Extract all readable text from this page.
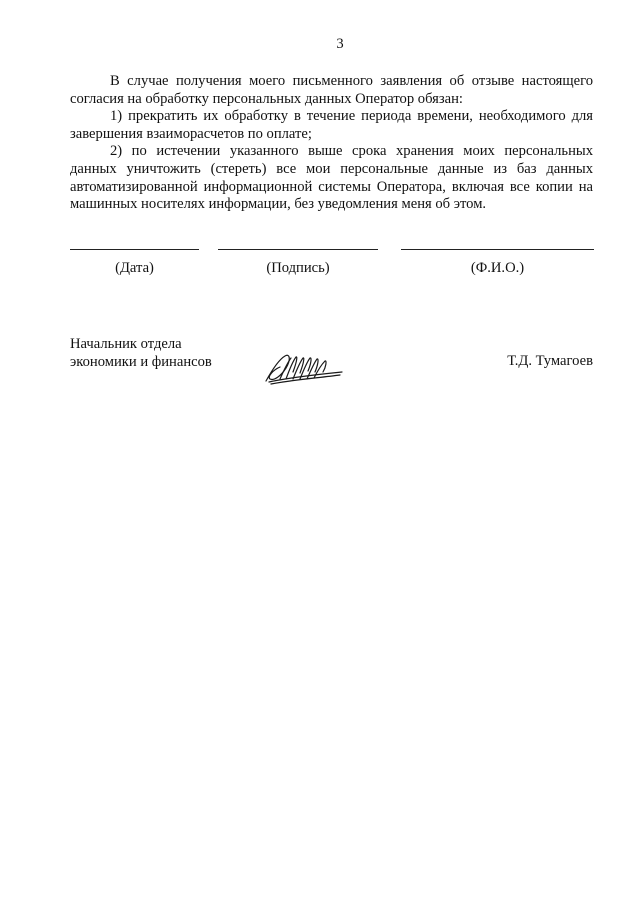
3

В случае получения моего письменного заявления об отзыве настоящего согласия на обработку персональных данных Оператор обязан:

1) прекратить их обработку в течение периода времени, необходимого для завершения взаиморасчетов по оплате;

2) по истечении указанного выше срока хранения моих персональных данных уничтожить (стереть) все мои персональные данные из баз данных автоматизированной информационной системы Оператора, включая все копии на машинных носителях информации, без уведомления меня об этом.

(Дата)	(Подпись)	(Ф.И.О.)
Начальник отдела
экономики и финансов	Т.Д. Тумагоев
